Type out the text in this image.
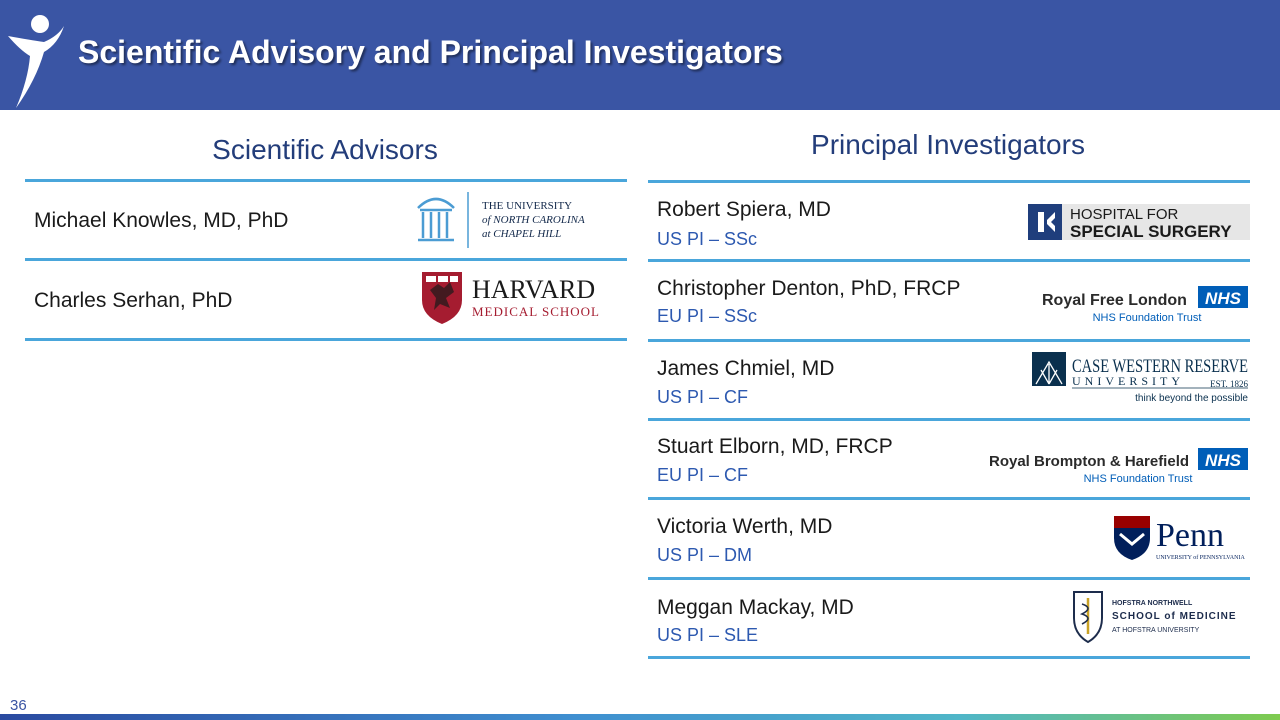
Scientific Advisory and Principal Investigators
Scientific Advisors
Michael Knowles, MD, PhD
THE UNIVERSITY
of NORTH CAROLINA
at CHAPEL HILL
Charles Serhan, PhD	HARVARD
MEDICAL SCHOOL
Principal Investigators
Robert Spiera, MD
US PI – SSc
HOSPITAL FOR
SPECIAL SURGERY
Christopher Denton, PhD, FRCP
EU PI – SSc
Royal Free London NHS
NHS Foundation Trust
James Chmiel, MD
US PI – CF
CASE WESTERN RESERVE
UNIVERSITY	EST. 1826
think beyond the possible
Stuart Elborn, MD, FRCP
EU PI – CF
Royal Brompton & Harefield NHS
NHS Foundation Trust
Victoria Werth, MD
US PI – DM
Penn
UNIVERSITY of PENNSYLVANIA
Meggan Mackay, MD
US PI – SLE
HOFSTRA NORTHWELL
SCHOOL of MEDICINE
AT HOFSTRA UNIVERSITY
36
